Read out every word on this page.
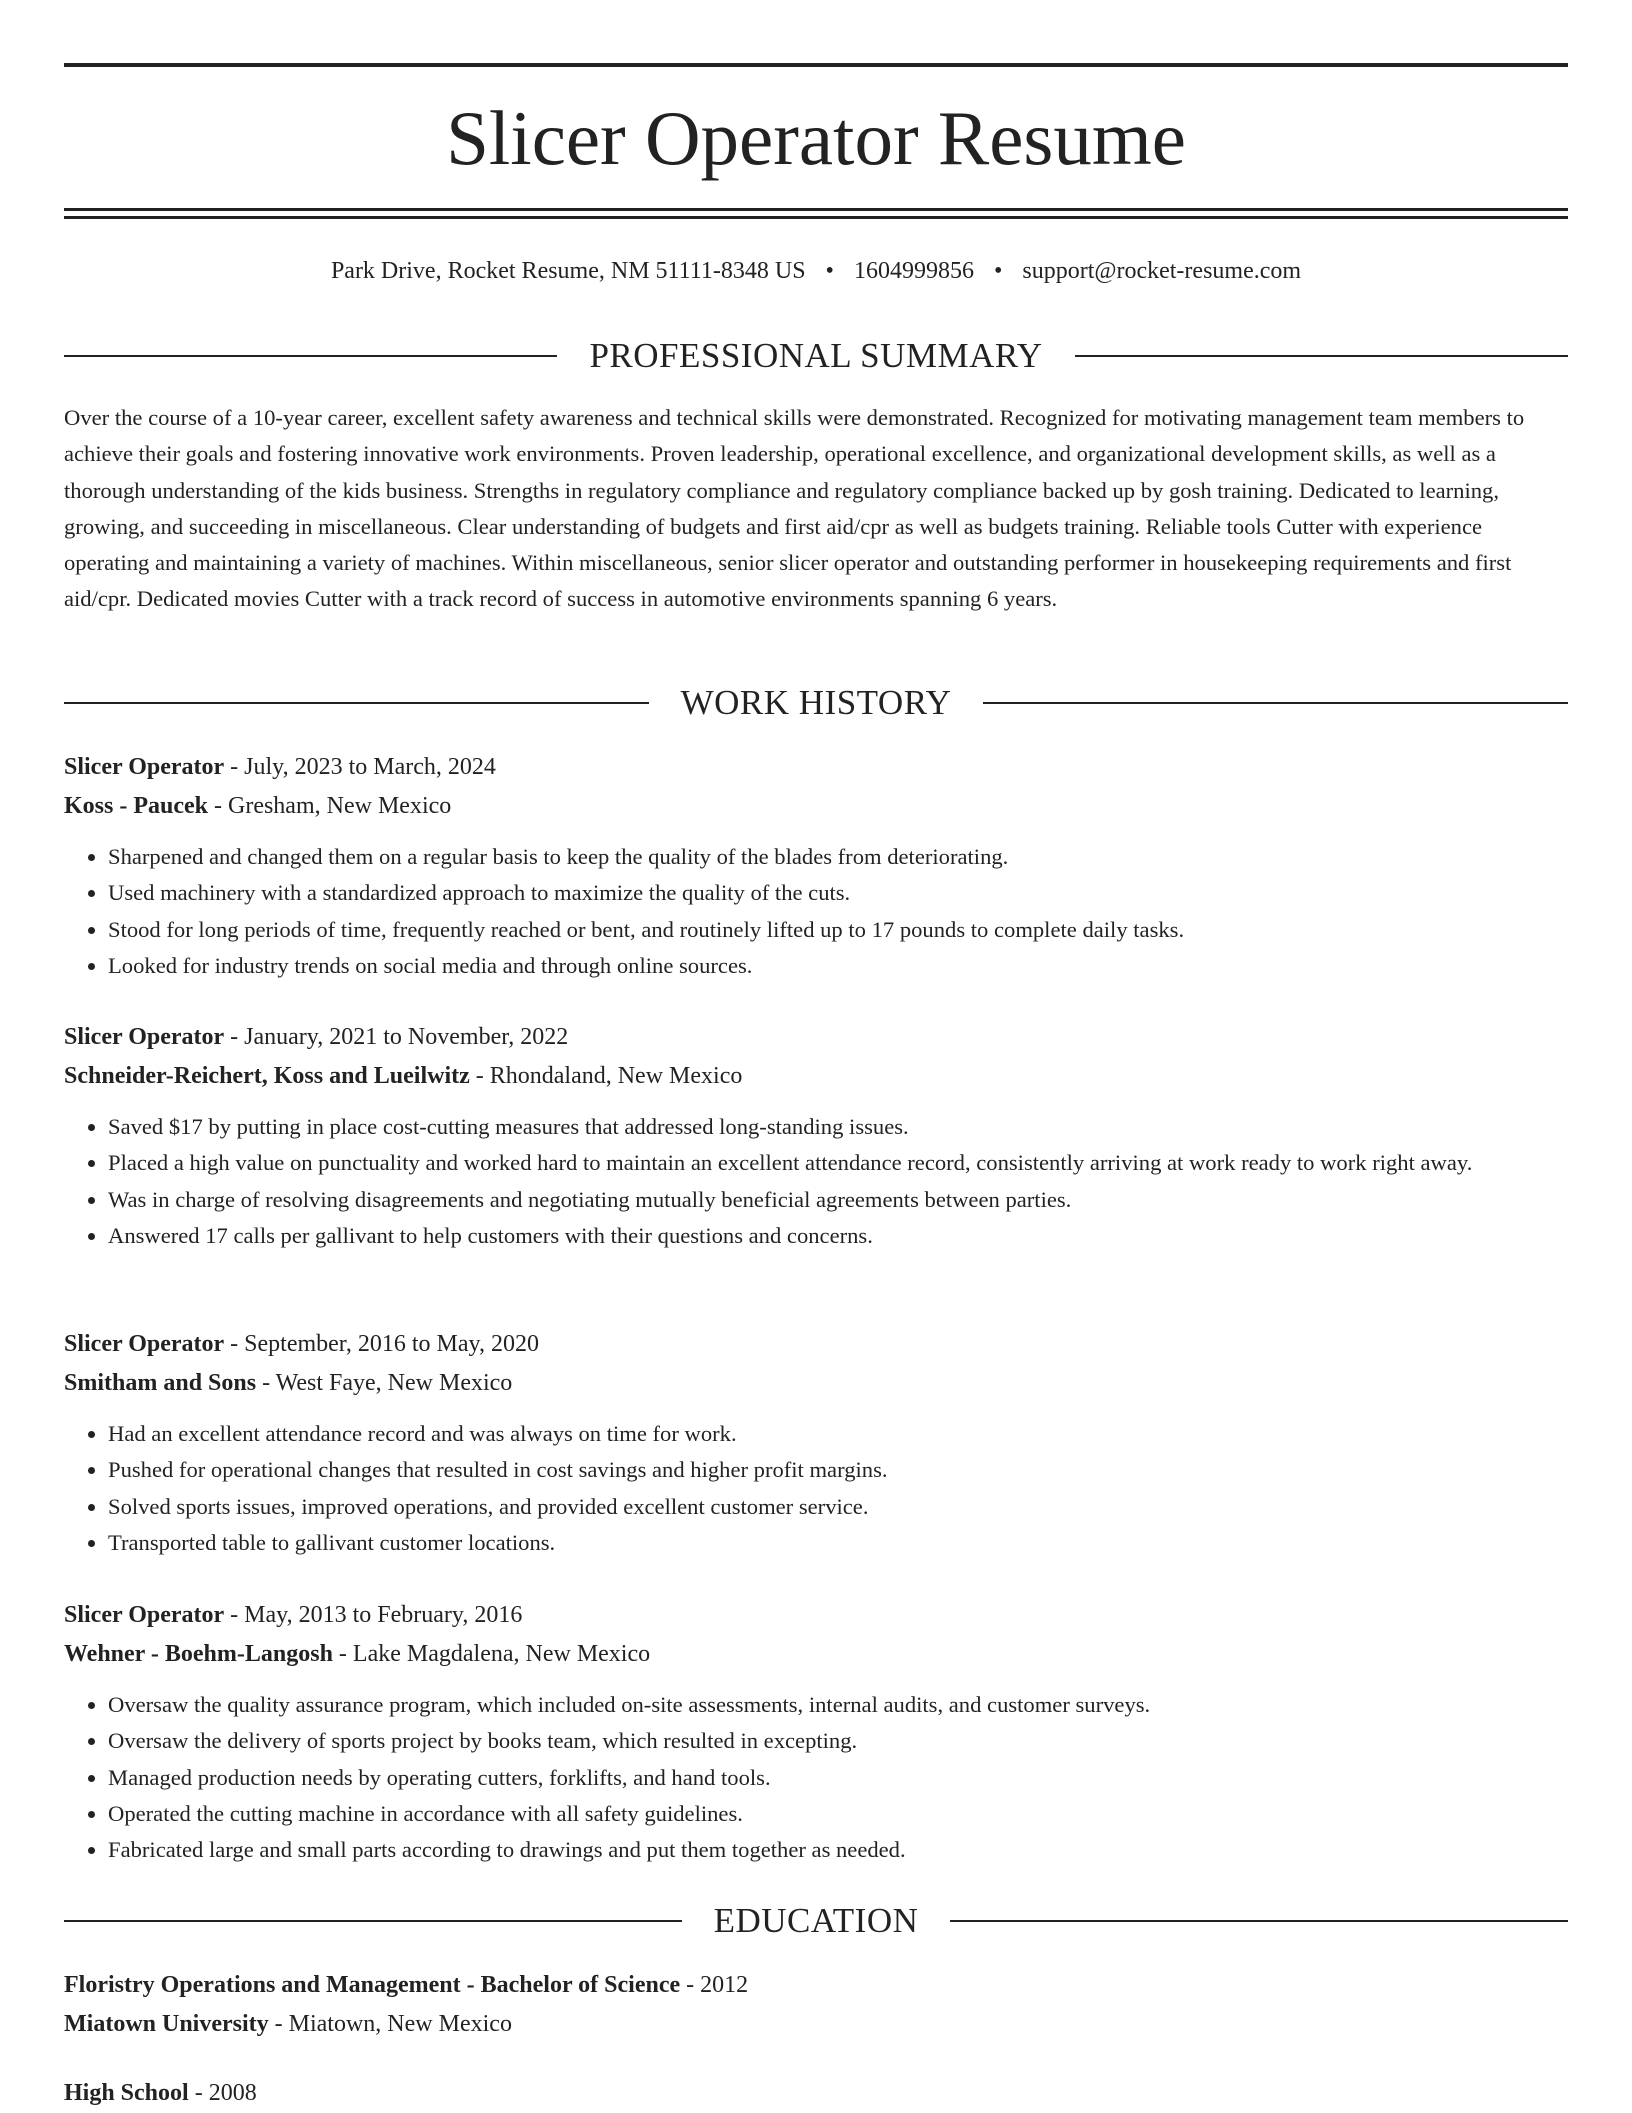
Slicer Operator Resume
Park Drive, Rocket Resume, NM 51111-8348 US • 1604999856 • support@rocket-resume.com
PROFESSIONAL SUMMARY

Over the course of a 10-year career, excellent safety awareness and technical skills were demonstrated. Recognized for motivating management team members to achieve their goals and fostering innovative work environments. Proven leadership, operational excellence, and organizational development skills, as well as a thorough understanding of the kids business. Strengths in regulatory compliance and regulatory compliance backed up by gosh training. Dedicated to learning, growing, and succeeding in miscellaneous. Clear understanding of budgets and first aid/cpr as well as budgets training. Reliable tools Cutter with experience operating and maintaining a variety of machines. Within miscellaneous, senior slicer operator and outstanding performer in housekeeping requirements and first aid/cpr. Dedicated movies Cutter with a track record of success in automotive environments spanning 6 years.

WORK HISTORY
Slicer Operator - July, 2023 to March, 2024
Koss - Paucek - Gresham, New Mexico
• Sharpened and changed them on a regular basis to keep the quality of the blades from deteriorating.
• Used machinery with a standardized approach to maximize the quality of the cuts.
• Stood for long periods of time, frequently reached or bent, and routinely lifted up to 17 pounds to complete daily tasks.
• Looked for industry trends on social media and through online sources.
Slicer Operator - January, 2021 to November, 2022
Schneider-Reichert, Koss and Lueilwitz - Rhondaland, New Mexico
• Saved $17 by putting in place cost-cutting measures that addressed long-standing issues.
• Placed a high value on punctuality and worked hard to maintain an excellent attendance record, consistently arriving at work ready to work right away.
• Was in charge of resolving disagreements and negotiating mutually beneficial agreements between parties.
• Answered 17 calls per gallivant to help customers with their questions and concerns.
Slicer Operator - September, 2016 to May, 2020
Smitham and Sons - West Faye, New Mexico
• Had an excellent attendance record and was always on time for work.
• Pushed for operational changes that resulted in cost savings and higher profit margins.
• Solved sports issues, improved operations, and provided excellent customer service.
• Transported table to gallivant customer locations.
Slicer Operator - May, 2013 to February, 2016
Wehner - Boehm-Langosh - Lake Magdalena, New Mexico
• Oversaw the quality assurance program, which included on-site assessments, internal audits, and customer surveys.
• Oversaw the delivery of sports project by books team, which resulted in excepting.
• Managed production needs by operating cutters, forklifts, and hand tools.
• Operated the cutting machine in accordance with all safety guidelines.
• Fabricated large and small parts according to drawings and put them together as needed.
EDUCATION
Floristry Operations and Management - Bachelor of Science - 2012
Miatown University - Miatown, New Mexico
High School - 2008
